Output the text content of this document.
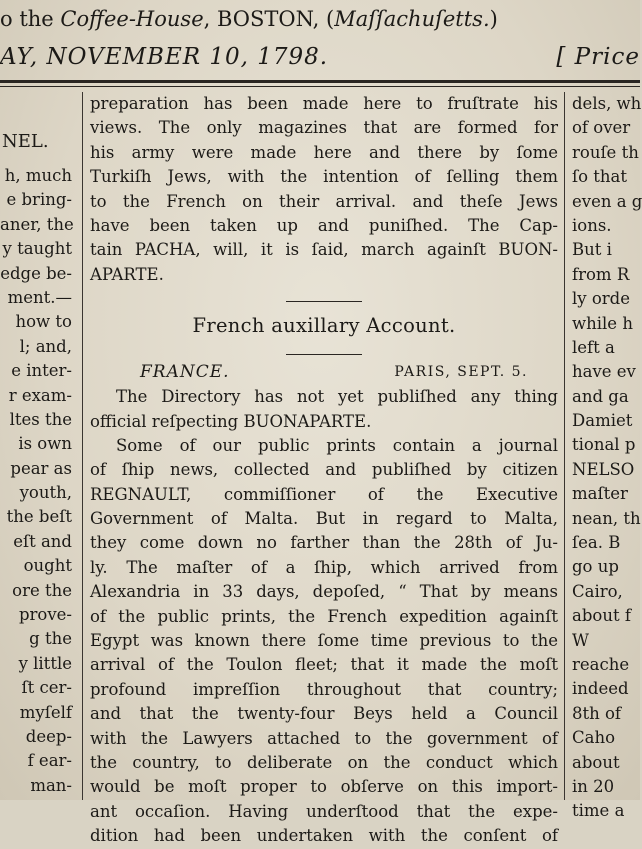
o the Coffee-House, BOSTON, (Maſſachuſetts.)
AY, NOVEMBER 10, 1798.	[ Price
NEL.
h, much
e bring-
aner, the
y taught
edge be-
ment.—
how to
l; and,
e inter-
r exam-
ltes the
is own
pear as
youth,
the beſt
eſt and
ought
ore the
prove-
g the
y little
ſt cer-
myſelf
deep-
f ear-
man-
preparation has been made here to fruſtrate his
views. The only magazines that are formed for
his army were made here and there by ſome
Turkiſh Jews, with the intention of ſelling them
to the French on their arrival. and theſe Jews
have been taken up and puniſhed. The Cap-
tain PACHA, will, it is ſaid, march againſt BUON-
APARTE.
French auxillary Account.
FRANCE.	PARIS, SEPT. 5.
The Directory has not yet publiſhed any thing
official reſpecting BUONAPARTE.
Some of our public prints contain a journal
of ſhip news, collected and publiſhed by citizen
REGNAULT, commiſſioner of the Executive
Government of Malta. But in regard to Malta,
they come down no farther than the 28th of Ju-
ly. The maſter of a ſhip, which arrived from
Alexandria in 33 days, depoſed, “ That by means
of the public prints, the French expedition againſt
Egypt was known there ſome time previous to the
arrival of the Toulon fleet; that it made the moſt
profound impreſſion throughout that country;
and that the twenty-four Beys held a Council
with the Lawyers attached to the government of
the country, to deliberate on the conduct which
would be moſt proper to obſerve on this import-
ant occaſion. Having underſtood that the expe-
dition had been undertaken with the conſent of
dels, wh
of over
rouſe th
ſo that
even a g
ions.
But i
from R
ly orde
while h
left a
have ev
and ga
Damiet
tional p
NELSO
maſter
nean, th
ſea. B
go up
Cairo,
about f
W
reache
indeed
8th of
Caho
about
in 20
time a
